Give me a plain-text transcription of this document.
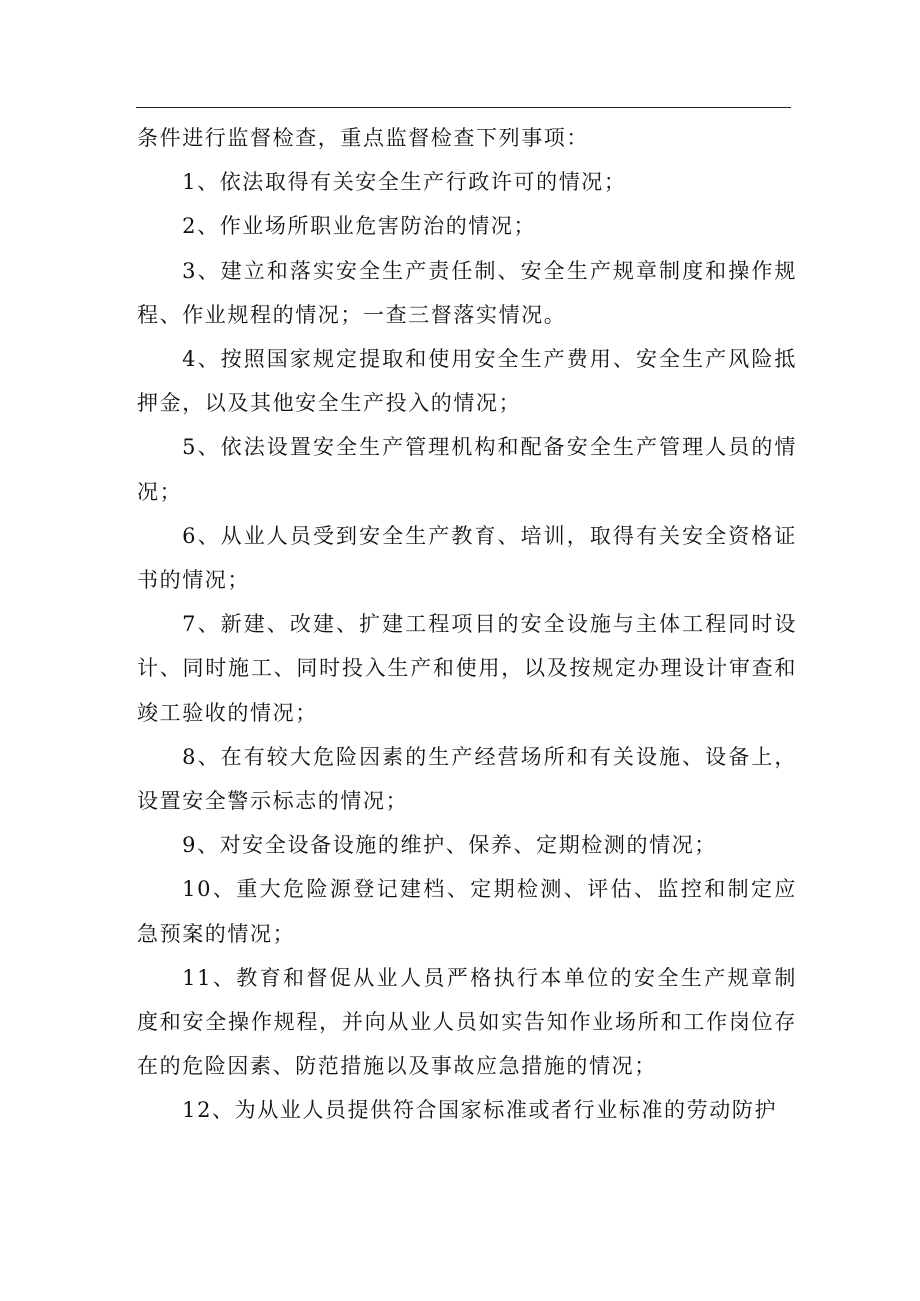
条件进行监督检查，重点监督检查下列事项：

1、依法取得有关安全生产行政许可的情况；

2、作业场所职业危害防治的情况；

3、建立和落实安全生产责任制、安全生产规章制度和操作规程、作业规程的情况；一查三督落实情况。

4、按照国家规定提取和使用安全生产费用、安全生产风险抵押金，以及其他安全生产投入的情况；

5、依法设置安全生产管理机构和配备安全生产管理人员的情况；

6、从业人员受到安全生产教育、培训，取得有关安全资格证书的情况；

7、新建、改建、扩建工程项目的安全设施与主体工程同时设计、同时施工、同时投入生产和使用，以及按规定办理设计审查和竣工验收的情况；

8、在有较大危险因素的生产经营场所和有关设施、设备上，设置安全警示标志的情况；

9、对安全设备设施的维护、保养、定期检测的情况；

10、重大危险源登记建档、定期检测、评估、监控和制定应急预案的情况；

11、教育和督促从业人员严格执行本单位的安全生产规章制度和安全操作规程，并向从业人员如实告知作业场所和工作岗位存在的危险因素、防范措施以及事故应急措施的情况；

12、为从业人员提供符合国家标准或者行业标准的劳动防护
